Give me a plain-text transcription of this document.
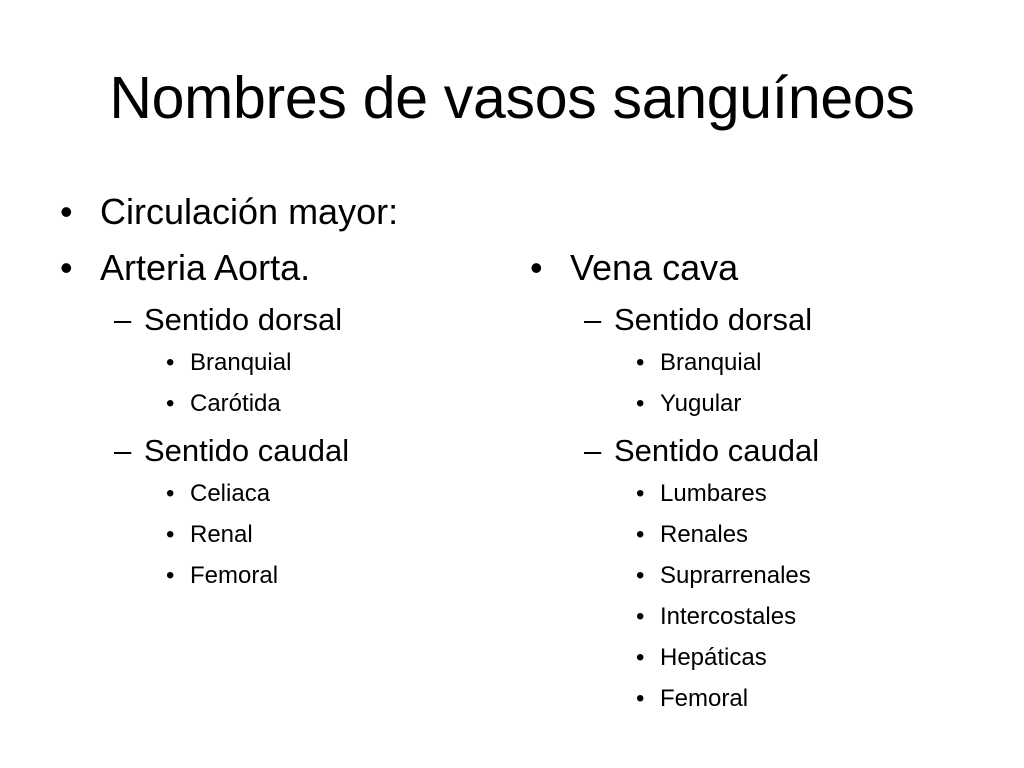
Nombres de vasos sanguíneos
• Circulación mayor:
• Arteria Aorta.
– Sentido dorsal
• Branquial
• Carótida
– Sentido caudal
• Celiaca
• Renal
• Femoral
• Vena cava
– Sentido dorsal
• Branquial
• Yugular
– Sentido caudal
• Lumbares
• Renales
• Suprarrenales
• Intercostales
• Hepáticas
• Femoral
